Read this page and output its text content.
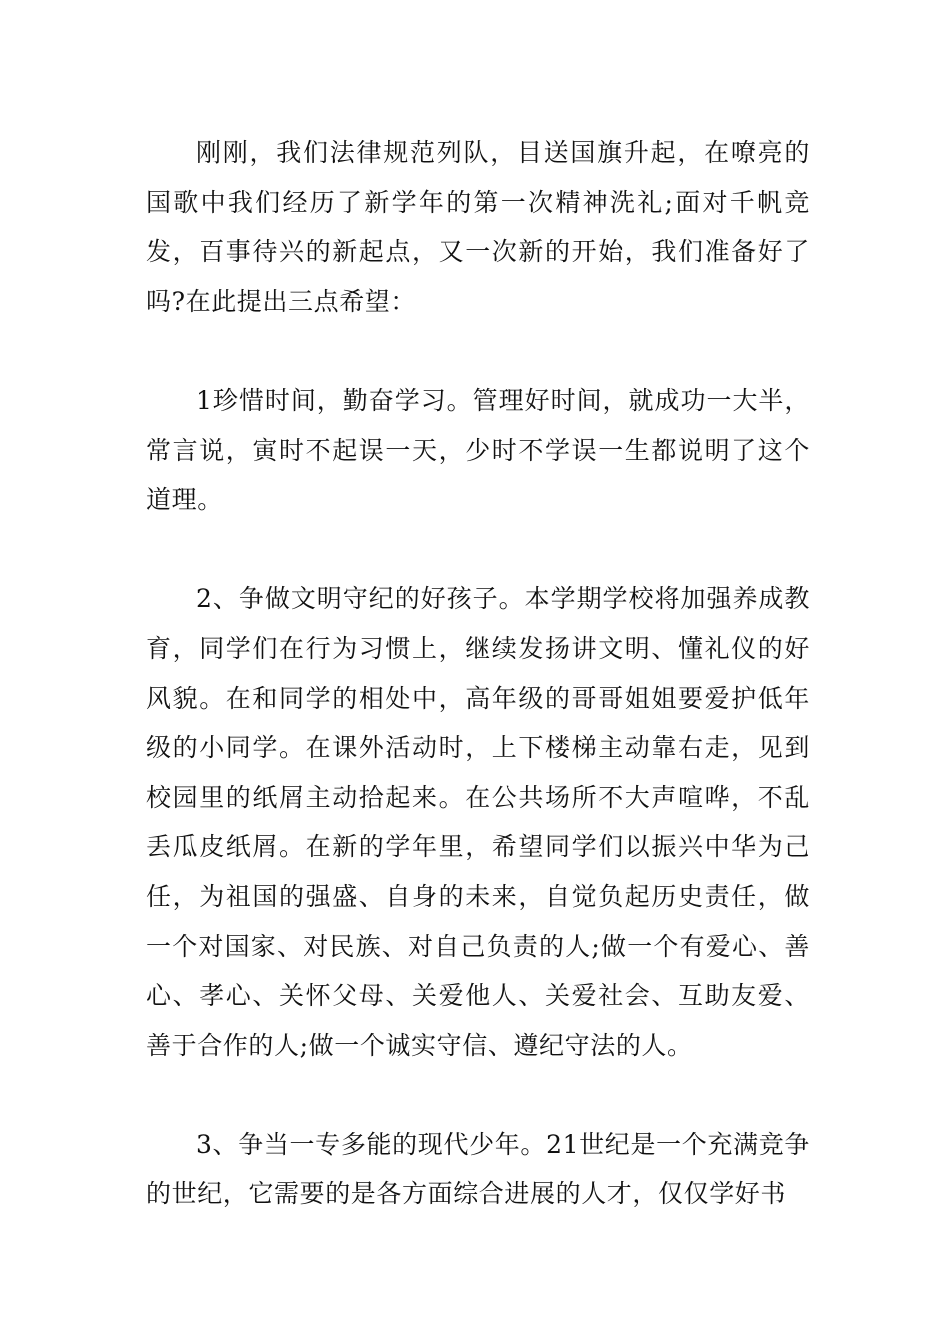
刚刚，我们法律规范列队，目送国旗升起，在嘹亮的国歌中我们经历了新学年的第一次精神洗礼;面对千帆竞发，百事待兴的新起点，又一次新的开始，我们准备好了吗?在此提出三点希望：

1珍惜时间，勤奋学习。管理好时间，就成功一大半，常言说，寅时不起误一天，少时不学误一生都说明了这个道理。

2、争做文明守纪的好孩子。本学期学校将加强养成教育，同学们在行为习惯上，继续发扬讲文明、懂礼仪的好风貌。在和同学的相处中，高年级的哥哥姐姐要爱护低年级的小同学。在课外活动时，上下楼梯主动靠右走，见到校园里的纸屑主动拾起来。在公共场所不大声喧哗，不乱丢瓜皮纸屑。在新的学年里，希望同学们以振兴中华为己任，为祖国的强盛、自身的未来，自觉负起历史责任，做一个对国家、对民族、对自己负责的人;做一个有爱心、善心、孝心、关怀父母、关爱他人、关爱社会、互助友爱、善于合作的人;做一个诚实守信、遵纪守法的人。

3、争当一专多能的现代少年。21世纪是一个充满竞争的世纪，它需要的是各方面综合进展的人才，仅仅学好书
